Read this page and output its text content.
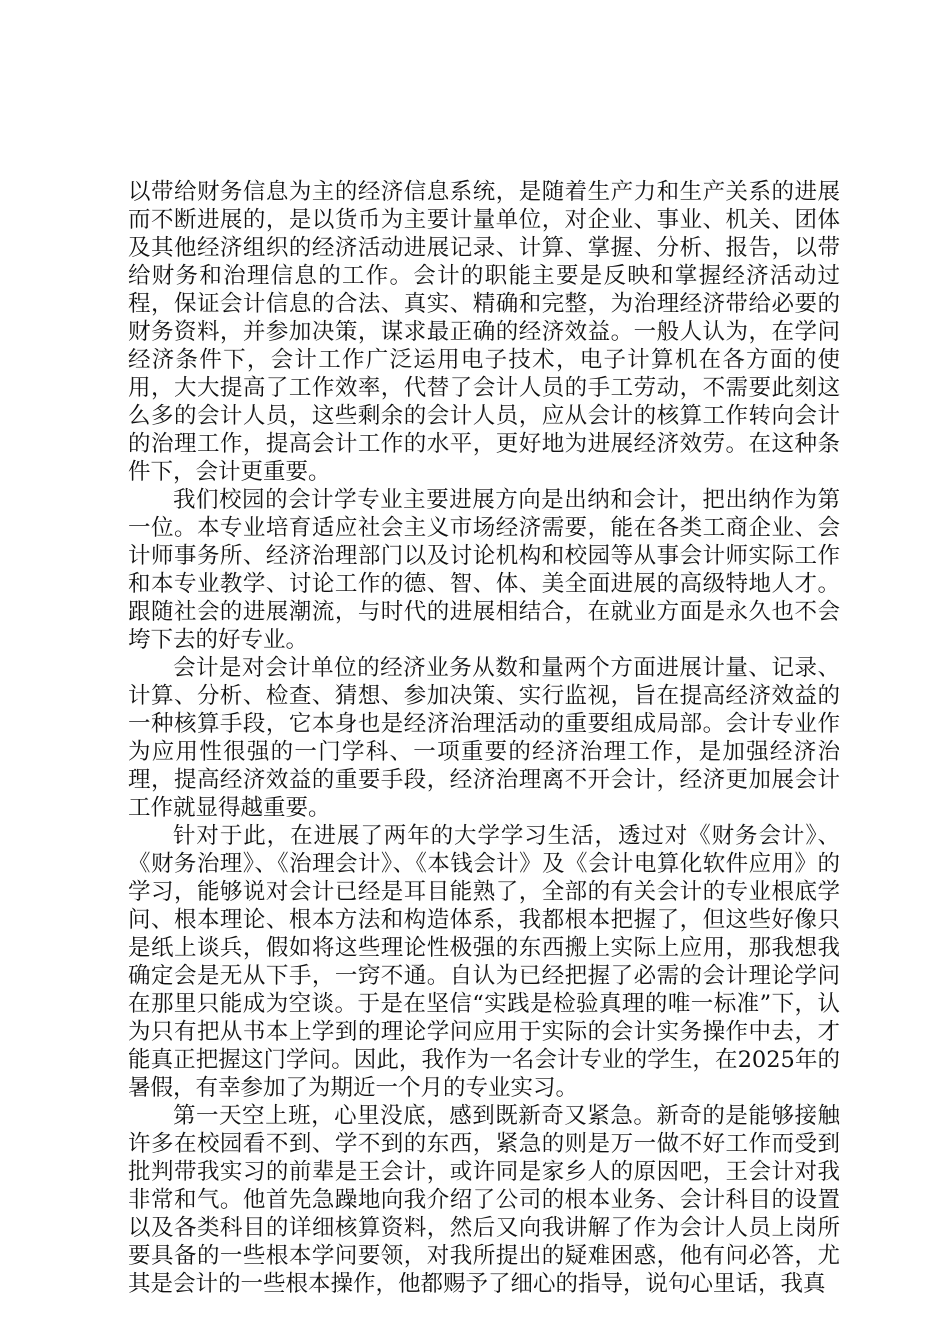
以带给财务信息为主的经济信息系统，是随着生产力和生产关系的进展而不断进展的，是以货币为主要计量单位，对企业、事业、机关、团体及其他经济组织的经济活动进展记录、计算、掌握、分析、报告，以带给财务和治理信息的工作。会计的职能主要是反映和掌握经济活动过程，保证会计信息的合法、真实、精确和完整，为治理经济带给必要的财务资料，并参加决策，谋求最正确的经济效益。一般人认为，在学问经济条件下，会计工作广泛运用电子技术，电子计算机在各方面的使用，大大提高了工作效率，代替了会计人员的手工劳动，不需要此刻这么多的会计人员，这些剩余的会计人员，应从会计的核算工作转向会计的治理工作，提高会计工作的水平，更好地为进展经济效劳。在这种条件下，会计更重要。

我们校园的会计学专业主要进展方向是出纳和会计，把出纳作为第一位。本专业培育适应社会主义市场经济需要，能在各类工商企业、会计师事务所、经济治理部门以及讨论机构和校园等从事会计师实际工作和本专业教学、讨论工作的德、智、体、美全面进展的高级特地人才。跟随社会的进展潮流，与时代的进展相结合，在就业方面是永久也不会垮下去的好专业。

会计是对会计单位的经济业务从数和量两个方面进展计量、记录、计算、分析、检查、猜想、参加决策、实行监视，旨在提高经济效益的一种核算手段，它本身也是经济治理活动的重要组成局部。会计专业作为应用性很强的一门学科、一项重要的经济治理工作，是加强经济治理，提高经济效益的重要手段，经济治理离不开会计，经济更加展会计工作就显得越重要。

针对于此，在进展了两年的大学学习生活，透过对《财务会计》、《财务治理》、《治理会计》、《本钱会计》及《会计电算化软件应用》的学习，能够说对会计已经是耳目能熟了，全部的有关会计的专业根底学问、根本理论、根本方法和构造体系，我都根本把握了，但这些好像只是纸上谈兵，假如将这些理论性极强的东西搬上实际上应用，那我想我确定会是无从下手，一窍不通。自认为已经把握了必需的会计理论学问在那里只能成为空谈。于是在坚信“实践是检验真理的唯一标准”下，认为只有把从书本上学到的理论学问应用于实际的会计实务操作中去，才能真正把握这门学问。因此，我作为一名会计专业的学生，在2025年的暑假，有幸参加了为期近一个月的专业实习。

第一天空上班，心里没底，感到既新奇又紧急。新奇的是能够接触许多在校园看不到、学不到的东西，紧急的则是万一做不好工作而受到批判带我实习的前辈是王会计，或许同是家乡人的原因吧，王会计对我非常和气。他首先急躁地向我介绍了公司的根本业务、会计科目的设置以及各类科目的详细核算资料，然后又向我讲解了作为会计人员上岗所要具备的一些根本学问要领，对我所提出的疑难困惑，他有问必答，尤其是会计的一些根本操作，他都赐予了细心的指导，说句心里话，我真
